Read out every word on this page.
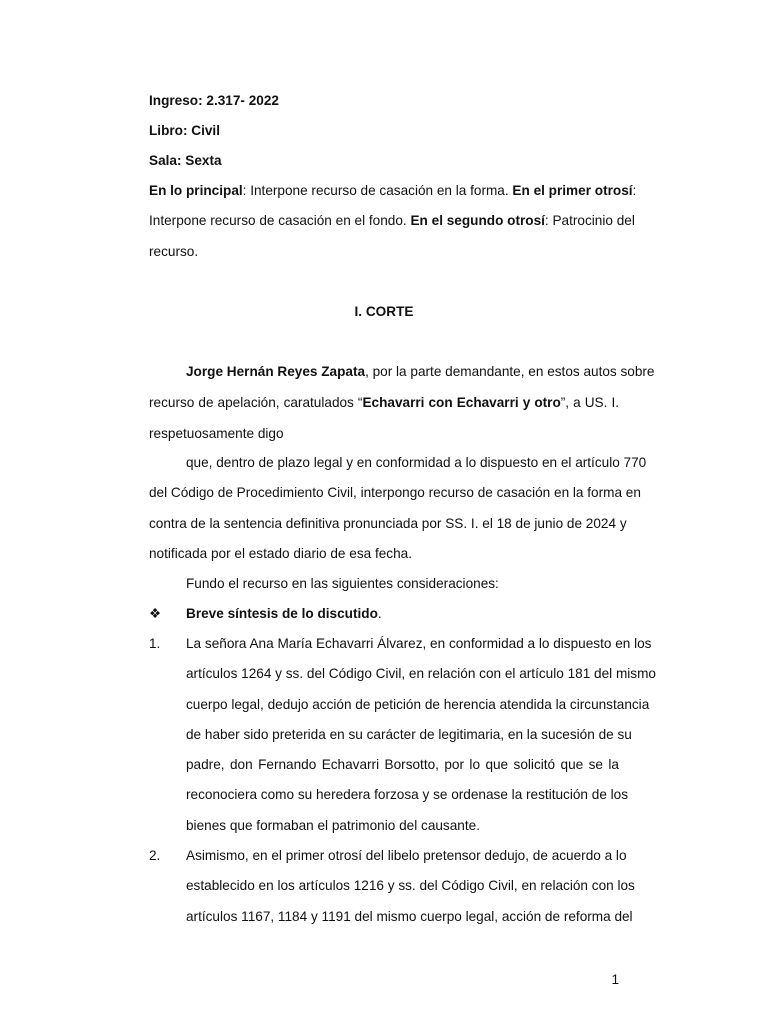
Ingreso: 2.317- 2022
Libro: Civil
Sala: Sexta
En lo principal: Interpone recurso de casación en la forma. En el primer otrosí:
Interpone recurso de casación en el fondo. En el segundo otrosí: Patrocinio del
recurso.
I. CORTE
Jorge Hernán Reyes Zapata, por la parte demandante, en estos autos sobre
recurso de apelación, caratulados “Echavarri con Echavarri y otro”, a US. I.
respetuosamente digo
que, dentro de plazo legal y en conformidad a lo dispuesto en el artículo 770
del Código de Procedimiento Civil, interpongo recurso de casación en la forma en
contra de la sentencia definitiva pronunciada por SS. I. el 18 de junio de 2024 y
notificada por el estado diario de esa fecha.
Fundo el recurso en las siguientes consideraciones:
❖ Breve síntesis de lo discutido.
1. La señora Ana María Echavarri Álvarez, en conformidad a lo dispuesto en los
artículos 1264 y ss. del Código Civil, en relación con el artículo 181 del mismo
cuerpo legal, dedujo acción de petición de herencia atendida la circunstancia
de haber sido preterida en su carácter de legitimaria, en la sucesión de su
padre, don Fernando Echavarri Borsotto, por lo que solicitó que se la
reconociera como su heredera forzosa y se ordenase la restitución de los
bienes que formaban el patrimonio del causante.
2. Asimismo, en el primer otrosí del libelo pretensor dedujo, de acuerdo a lo
establecido en los artículos 1216 y ss. del Código Civil, en relación con los
artículos 1167, 1184 y 1191 del mismo cuerpo legal, acción de reforma del
1
